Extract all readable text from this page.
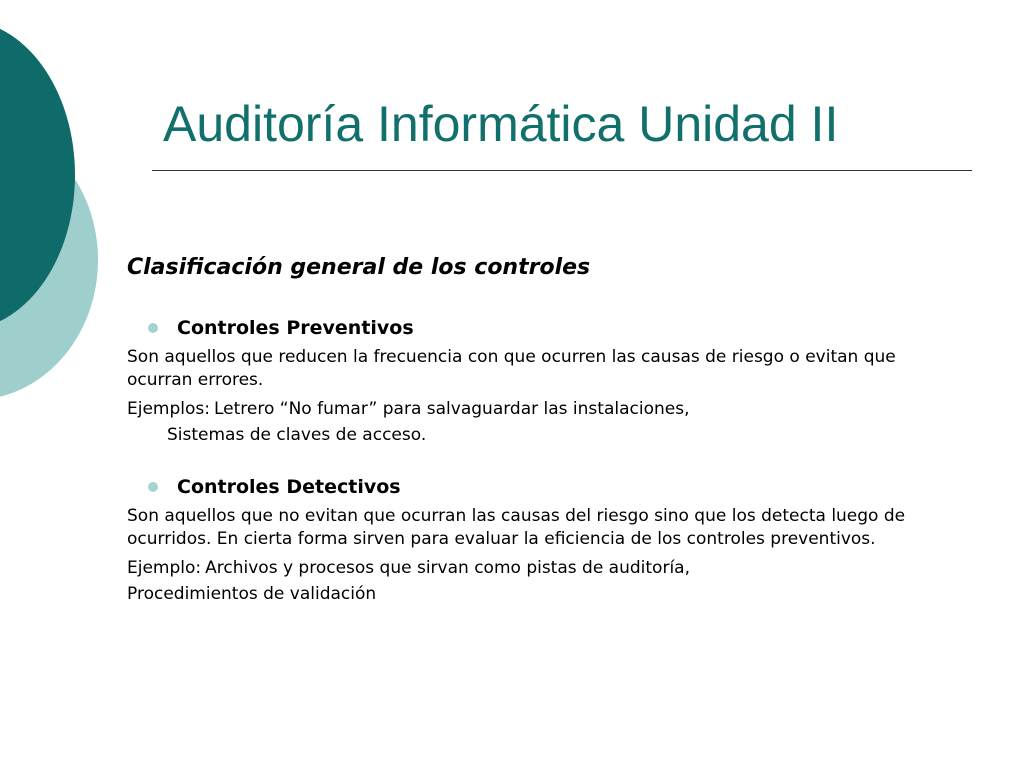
Auditoría Informática Unidad II

Clasificación general de los controles

Controles Preventivos

Son aquellos que reducen la frecuencia con que ocurren las causas de riesgo o evitan que ocurran errores.

Ejemplos: Letrero “No fumar” para salvaguardar las instalaciones,

Sistemas de claves de acceso.

Controles Detectivos

Son aquellos que no evitan que ocurran las causas del riesgo sino que los detecta luego de ocurridos. En cierta forma sirven para evaluar la eficiencia de los controles preventivos.

Ejemplo: Archivos y procesos que sirvan como pistas de auditoría,

Procedimientos de validación
